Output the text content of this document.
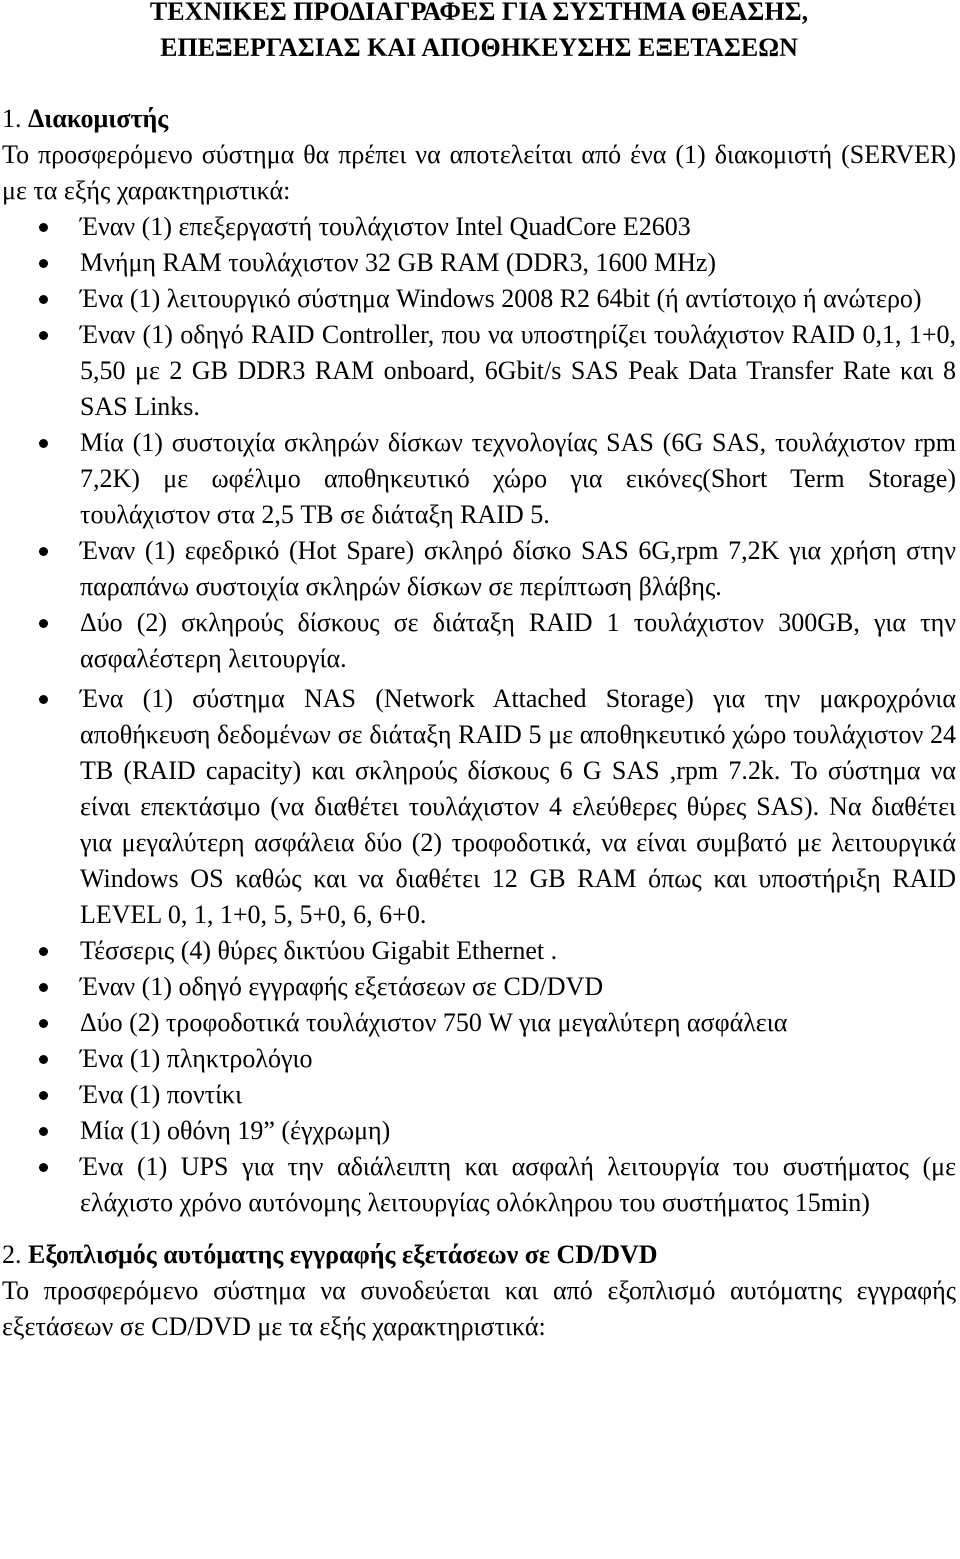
ΤΕΧΝΙΚΕΣ ΠΡΟΔΙΑΓΡΑΦΕΣ ΓΙΑ ΣΥΣΤΗΜΑ ΘΕΑΣΗΣ,
ΕΠΕΞΕΡΓΑΣΙΑΣ ΚΑΙ ΑΠΟΘΗΚΕΥΣΗΣ ΕΞΕΤΑΣΕΩΝ
1. Διακομιστής

Το προσφερόμενο σύστημα θα πρέπει να αποτελείται από ένα (1) διακομιστή (SERVER) με τα εξής χαρακτηριστικά:

Έναν (1) επεξεργαστή τουλάχιστον Intel QuadCore E2603
Μνήμη RAM τουλάχιστον 32 GB RAM (DDR3, 1600 MHz)
Ένα (1) λειτουργικό σύστημα Windows 2008 R2 64bit (ή αντίστοιχο ή ανώτερο)
Έναν (1) οδηγό RAID Controller, που να υποστηρίζει τουλάχιστον RAID 0,1, 1+0, 5,50 με 2 GB DDR3 RAM onboard, 6Gbit/s SAS Peak Data Transfer Rate και 8 SAS Links.
Μία (1) συστοιχία σκληρών δίσκων τεχνολογίας SAS (6G SAS, τουλάχιστον rpm 7,2K) με ωφέλιμο αποθηκευτικό χώρο για εικόνες(Short Term Storage) τουλάχιστον στα 2,5 TB σε διάταξη RAID 5.
Έναν (1) εφεδρικό (Hot Spare) σκληρό δίσκο SAS 6G,rpm 7,2K για χρήση στην παραπάνω συστοιχία σκληρών δίσκων σε περίπτωση βλάβης.
Δύο (2) σκληρούς δίσκους σε διάταξη RAID 1 τουλάχιστον 300GB, για την ασφαλέστερη λειτουργία.
Ένα (1) σύστημα NAS (Network Attached Storage) για την μακροχρόνια αποθήκευση δεδομένων σε διάταξη RAID 5 με αποθηκευτικό χώρο τουλάχιστον 24 TB (RAID capacity) και σκληρούς δίσκους 6 G SAS ,rpm 7.2k. Το σύστημα να είναι επεκτάσιμο (να διαθέτει τουλάχιστον 4 ελεύθερες θύρες SAS). Να διαθέτει για μεγαλύτερη ασφάλεια δύο (2) τροφοδοτικά, να είναι συμβατό με λειτουργικά Windows OS καθώς και να διαθέτει 12 GB RAM όπως και υποστήριξη RAID LEVEL 0, 1, 1+0, 5, 5+0, 6, 6+0.
Τέσσερις (4) θύρες δικτύου Gigabit Ethernet .
Έναν (1) οδηγό εγγραφής εξετάσεων σε CD/DVD
Δύο (2) τροφοδοτικά τουλάχιστον 750 W για μεγαλύτερη ασφάλεια
Ένα (1) πληκτρολόγιο
Ένα (1) ποντίκι
Μία (1) οθόνη 19” (έγχρωμη)
Ένα (1) UPS για την αδιάλειπτη και ασφαλή λειτουργία του συστήματος (με ελάχιστο χρόνο αυτόνομης λειτουργίας ολόκληρου του συστήματος 15min)
2. Εξοπλισμός αυτόματης εγγραφής εξετάσεων σε CD/DVD

Το προσφερόμενο σύστημα να συνοδεύεται και από εξοπλισμό αυτόματης εγγραφής εξετάσεων σε CD/DVD με τα εξής χαρακτηριστικά:
